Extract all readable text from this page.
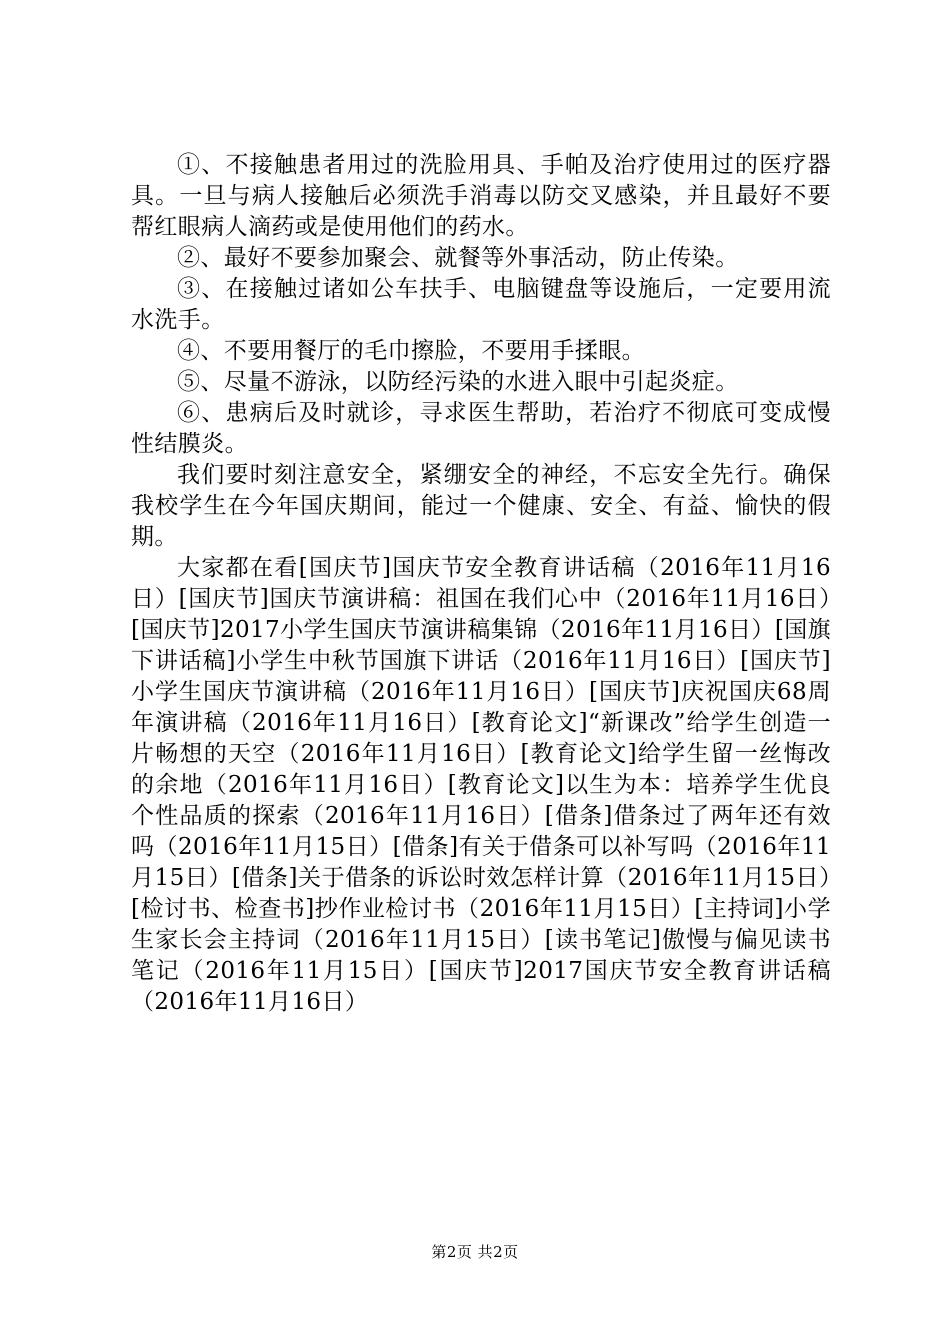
①、不接触患者用过的洗脸用具、手帕及治疗使用过的医疗器具。一旦与病人接触后必须洗手消毒以防交叉感染，并且最好不要帮红眼病人滴药或是使用他们的药水。

②、最好不要参加聚会、就餐等外事活动，防止传染。

③、在接触过诸如公车扶手、电脑键盘等设施后，一定要用流水洗手。

④、不要用餐厅的毛巾擦脸，不要用手揉眼。

⑤、尽量不游泳，以防经污染的水进入眼中引起炎症。

⑥、患病后及时就诊，寻求医生帮助，若治疗不彻底可变成慢性结膜炎。

我们要时刻注意安全，紧绷安全的神经，不忘安全先行。确保我校学生在今年国庆期间，能过一个健康、安全、有益、愉快的假期。

大家都在看[国庆节]国庆节安全教育讲话稿（2016年11月16日）[国庆节]国庆节演讲稿：祖国在我们心中（2016年11月16日）[国庆节]2017小学生国庆节演讲稿集锦（2016年11月16日）[国旗下讲话稿]小学生中秋节国旗下讲话（2016年11月16日）[国庆节]小学生国庆节演讲稿（2016年11月16日）[国庆节]庆祝国庆68周年演讲稿（2016年11月16日）[教育论文]“新课改”给学生创造一片畅想的天空（2016年11月16日）[教育论文]给学生留一丝悔改的余地（2016年11月16日）[教育论文]以生为本：培养学生优良个性品质的探索（2016年11月16日）[借条]借条过了两年还有效吗（2016年11月15日）[借条]有关于借条可以补写吗（2016年11月15日）[借条]关于借条的诉讼时效怎样计算（2016年11月15日）[检讨书、检查书]抄作业检讨书（2016年11月15日）[主持词]小学生家长会主持词（2016年11月15日）[读书笔记]傲慢与偏见读书笔记（2016年11月15日）[国庆节]2017国庆节安全教育讲话稿（2016年11月16日）

第2页 共2页
